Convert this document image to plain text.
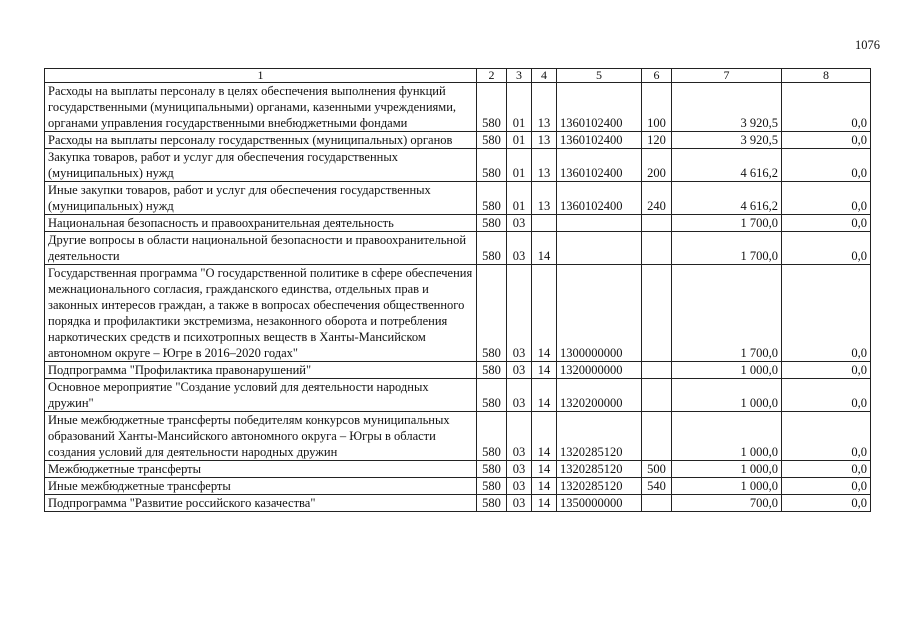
1076
1	2	3	4	5	6	7	8
Расходы на выплаты персоналу в целях обеспечения выполнения функций государственными (муниципальными) органами, казенными учреждениями, органами управления государственными внебюджетными фондами	580	01	13	1360102400	100	3 920,5	0,0
Расходы на выплаты персоналу государственных (муниципальных) органов	580	01	13	1360102400	120	3 920,5	0,0
Закупка товаров, работ и услуг для обеспечения государственных (муниципальных) нужд	580	01	13	1360102400	200	4 616,2	0,0
Иные закупки товаров, работ и услуг для обеспечения государственных (муниципальных) нужд	580	01	13	1360102400	240	4 616,2	0,0
Национальная безопасность и правоохранительная деятельность	580	03				1 700,0	0,0
Другие вопросы в области национальной безопасности и правоохранительной деятельности	580	03	14			1 700,0	0,0
Государственная программа "О государственной политике в сфере обеспечения межнационального согласия, гражданского единства, отдельных прав и законных интересов граждан, а также в вопросах обеспечения общественного порядка и профилактики экстремизма, незаконного оборота и потребления наркотических средств и психотропных веществ в Ханты-Мансийском автономном округе – Югре в 2016–2020 годах"	580	03	14	1300000000		1 700,0	0,0
Подпрограмма "Профилактика правонарушений"	580	03	14	1320000000		1 000,0	0,0
Основное мероприятие "Создание условий для деятельности народных дружин"	580	03	14	1320200000		1 000,0	0,0
Иные межбюджетные трансферты победителям конкурсов муниципальных образований Ханты-Мансийского автономного округа – Югры в области создания условий для деятельности народных дружин	580	03	14	1320285120		1 000,0	0,0
Межбюджетные трансферты	580	03	14	1320285120	500	1 000,0	0,0
Иные межбюджетные трансферты	580	03	14	1320285120	540	1 000,0	0,0
Подпрограмма "Развитие российского казачества"	580	03	14	1350000000		700,0	0,0
